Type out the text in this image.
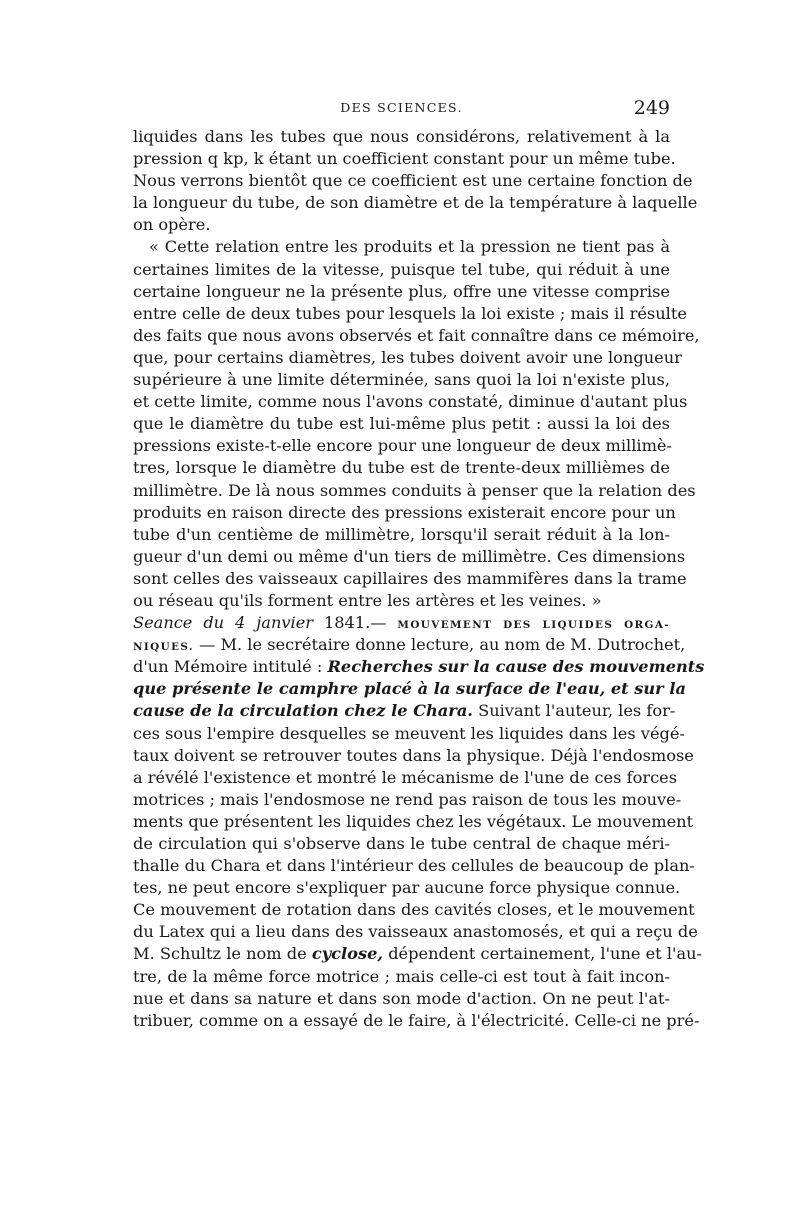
DES SCIENCES.	249
liquides dans les tubes que nous considérons, relativement à la
pression q kp, k étant un coefficient constant pour un même tube.
Nous verrons bientôt que ce coefficient est une certaine fonction de
la longueur du tube, de son diamètre et de la température à laquelle
on opère.
« Cette relation entre les produits et la pression ne tient pas à
certaines limites de la vitesse, puisque tel tube, qui réduit à une
certaine longueur ne la présente plus, offre une vitesse comprise
entre celle de deux tubes pour lesquels la loi existe ; mais il résulte
des faits que nous avons observés et fait connaître dans ce mémoire,
que, pour certains diamètres, les tubes doivent avoir une longueur
supérieure à une limite déterminée, sans quoi la loi n'existe plus,
et cette limite, comme nous l'avons constaté, diminue d'autant plus
que le diamètre du tube est lui-même plus petit : aussi la loi des
pressions existe-t-elle encore pour une longueur de deux millimè-
tres, lorsque le diamètre du tube est de trente-deux millièmes de
millimètre. De là nous sommes conduits à penser que la relation des
produits en raison directe des pressions existerait encore pour un
tube d'un centième de millimètre, lorsqu'il serait réduit à la lon-
gueur d'un demi ou même d'un tiers de millimètre. Ces dimensions
sont celles des vaisseaux capillaires des mammifères dans la trame
ou réseau qu'ils forment entre les artères et les veines. »
Seance du 4 janvier 1841.— MOUVEMENT DES LIQUIDES ORGA-
NIQUES. — M. le secrétaire donne lecture, au nom de M. Dutrochet,
d'un Mémoire intitulé : Recherches sur la cause des mouvements
que présente le camphre placé à la surface de l'eau, et sur la
cause de la circulation chez le Chara. Suivant l'auteur, les for-
ces sous l'empire desquelles se meuvent les liquides dans les végé-
taux doivent se retrouver toutes dans la physique. Déjà l'endosmose
a révélé l'existence et montré le mécanisme de l'une de ces forces
motrices ; mais l'endosmose ne rend pas raison de tous les mouve-
ments que présentent les liquides chez les végétaux. Le mouvement
de circulation qui s'observe dans le tube central de chaque méri-
thalle du Chara et dans l'intérieur des cellules de beaucoup de plan-
tes, ne peut encore s'expliquer par aucune force physique connue.
Ce mouvement de rotation dans des cavités closes, et le mouvement
du Latex qui a lieu dans des vaisseaux anastomosés, et qui a reçu de
M. Schultz le nom de cyclose, dépendent certainement, l'une et l'au-
tre, de la même force motrice ; mais celle-ci est tout à fait incon-
nue et dans sa nature et dans son mode d'action. On ne peut l'at-
tribuer, comme on a essayé de le faire, à l'électricité. Celle-ci ne pré-
